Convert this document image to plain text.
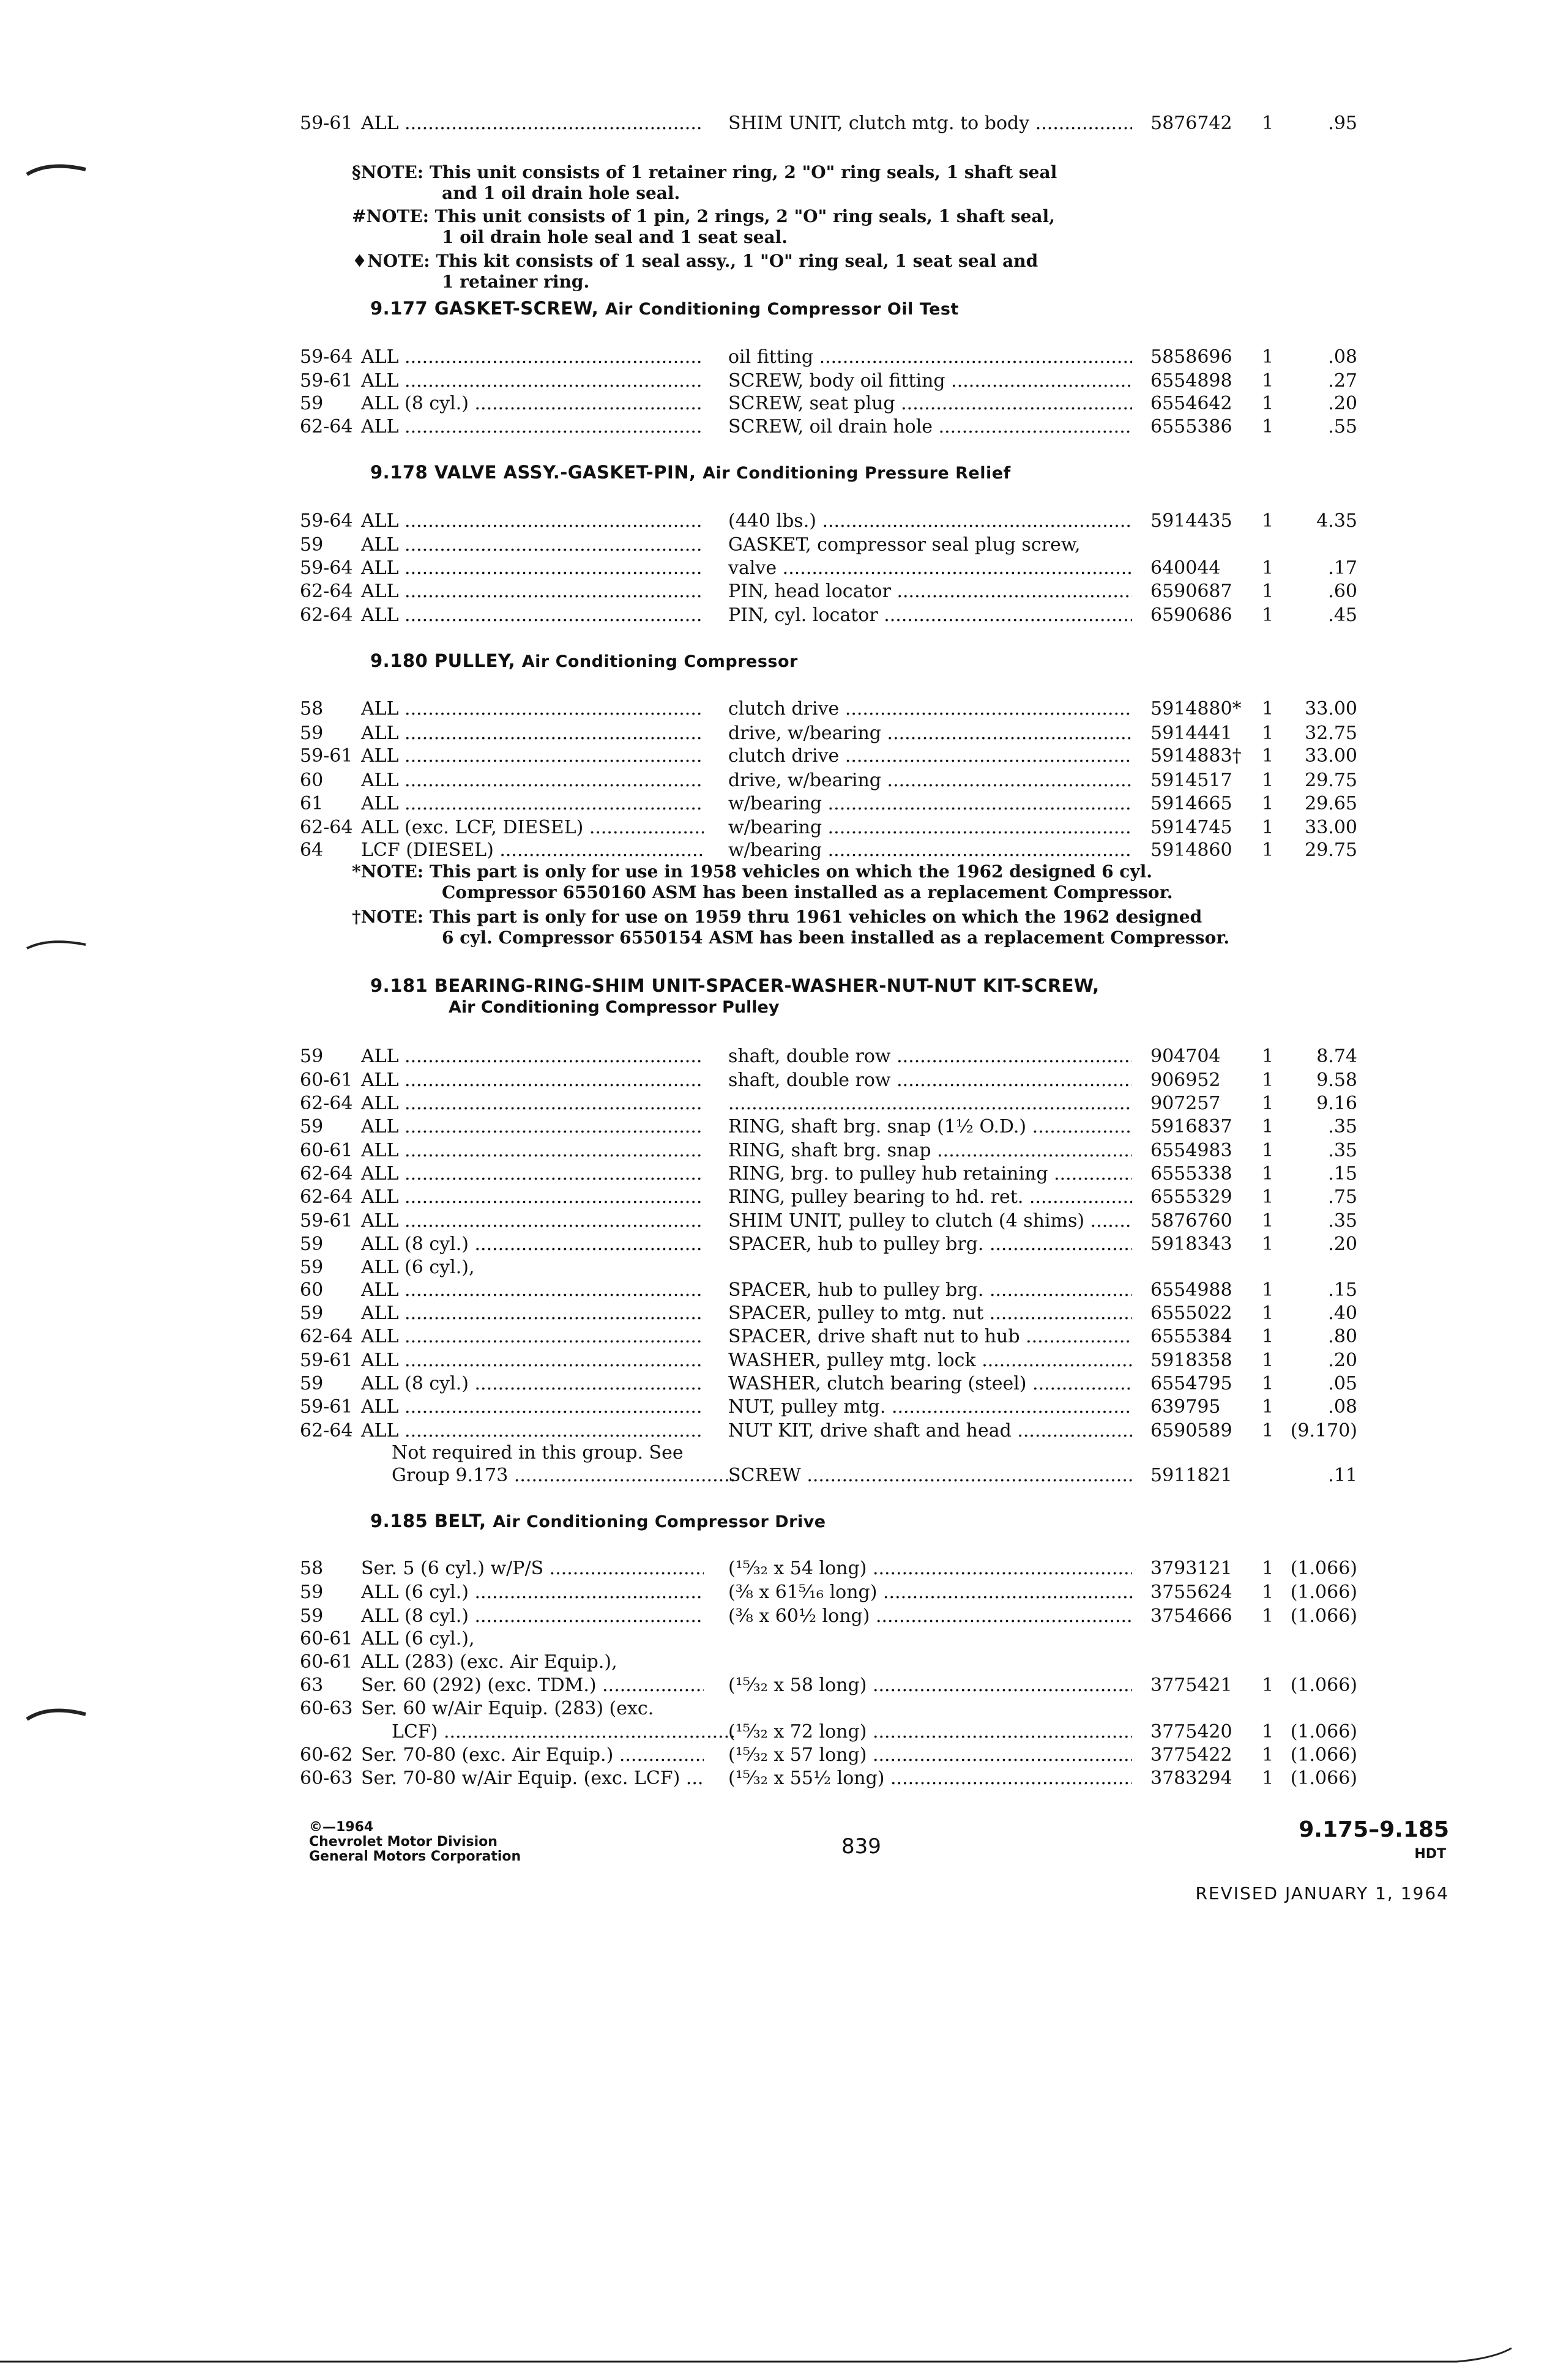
59-61 ALL .....	SHIM UNIT, clutch mtg. to body .....	5876742	1	.95
§NOTE: This unit consists of 1 retainer ring, 2 "O" ring seals, 1 shaft seal
and 1 oil drain hole seal.
#NOTE: This unit consists of 1 pin, 2 rings, 2 "O" ring seals, 1 shaft seal,
1 oil drain hole seal and 1 seat seal.
♦NOTE: This kit consists of 1 seal assy., 1 "O" ring seal, 1 seat seal and
1 retainer ring.
9.177 GASKET-SCREW, Air Conditioning Compressor Oil Test
59-64 ALL .....	oil fitting .....	5858696	1	.08
59-61 ALL .....	SCREW, body oil fitting .....	6554898	1	.27
59	ALL (8 cyl.) .....	SCREW, seat plug .....	6554642	1	.20
62-64 ALL .....	SCREW, oil drain hole .....	6555386	1	.55
9.178 VALVE ASSY.-GASKET-PIN, Air Conditioning Pressure Relief
59-64 ALL .....	(440 lbs.) .....	5914435	1	4.35
59	ALL .....	GASKET, compressor seal plug screw,
59-64 ALL .....	valve .....	640044	1	.17
62-64 ALL .....	PIN, head locator .....	6590687	1	.60
62-64 ALL .....	PIN, cyl. locator .....	6590686	1	.45
9.180 PULLEY, Air Conditioning Compressor
58	ALL .....	clutch drive .....	5914880*	1	33.00
59	ALL .....	drive, w/bearing .....	5914441	1	32.75
59-61 ALL .....	clutch drive .....	5914883†	1	33.00
60	ALL .....	drive, w/bearing .....	5914517	1	29.75
61	ALL .....	w/bearing .....	5914665	1	29.65
62-64 ALL (exc. LCF, DIESEL) .....	w/bearing .....	5914745	1	33.00
64	LCF (DIESEL) .....	w/bearing .....	5914860	1	29.75
*NOTE: This part is only for use in 1958 vehicles on which the 1962 designed 6 cyl.
Compressor 6550160 ASM has been installed as a replacement Compressor.
†NOTE: This part is only for use on 1959 thru 1961 vehicles on which the 1962 designed
6 cyl. Compressor 6550154 ASM has been installed as a replacement Compressor.
Air Conditioning Compressor Pulley
9.181 BEARING-RING-SHIM UNIT-SPACER-WASHER-NUT-NUT KIT-SCREW,
59	ALL .....	shaft, double row .....	904704	1	8.74
60-61 ALL .....	shaft, double row .....	906952	1	9.58
62-64 ALL .....
.....	907257	1	9.16
59	ALL .....	RING, shaft brg. snap (1½ O.D.) .....	5916837	1	.35
60-61 ALL .....	RING, shaft brg. snap .....	6554983	1	.35
62-64 ALL .....	RING, brg. to pulley hub retaining .....	6555338	1	.15
62-64 ALL .....	RING, pulley bearing to hd. ret. .....	6555329	1	.75
59-61 ALL .....	SHIM UNIT, pulley to clutch (4 shims) .....	5876760	1	.35
59	ALL (8 cyl.) .....	SPACER, hub to pulley brg. .....	5918343	1	.20
59	ALL (6 cyl.),
60	ALL .....	SPACER, hub to pulley brg. .....	6554988	1	.15
59	ALL .....	SPACER, pulley to mtg. nut .....	6555022	1	.40
62-64 ALL .....	SPACER, drive shaft nut to hub .....	6555384	1	.80
59-61 ALL .....	WASHER, pulley mtg. lock .....	5918358	1	.20
59	ALL (8 cyl.) .....	WASHER, clutch bearing (steel) .....	6554795	1	.05
59-61 ALL .....	NUT, pulley mtg. .....	639795	1	.08
62-64 ALL .....	NUT KIT, drive shaft and head .....	6590589	1 (9.170)
Not required in this group. See
Group 9.173 .....	SCREW .....	5911821	.11
9.185 BELT, Air Conditioning Compressor Drive
58	Ser. 5 (6 cyl.) w/P/S .....	(¹⁵⁄₃₂ x 54 long) .....	3793121	1 (1.066)
59	ALL (6 cyl.) .....	(⅜ x 61⁵⁄₁₆ long) .....	3755624	1 (1.066)
59	ALL (8 cyl.) .....	(⅜ x 60½ long) .....	3754666	1 (1.066)
60-61 ALL (6 cyl.),
60-61 ALL (283) (exc. Air Equip.),
63	Ser. 60 (292) (exc. TDM.) .....	(¹⁵⁄₃₂ x 58 long) .....	3775421	1 (1.066)
60-63 Ser. 60 w/Air Equip. (283) (exc.
LCF) .....	(¹⁵⁄₃₂ x 72 long) .....	3775420	1 (1.066)
60-62 Ser. 70-80 (exc. Air Equip.) .....	(¹⁵⁄₃₂ x 57 long) .....	3775422	1 (1.066)
60-63 Ser. 70-80 w/Air Equip. (exc. LCF) .....	(¹⁵⁄₃₂ x 55½ long) .....	3783294	1 (1.066)
©—1964
Chevrolet Motor Division
General Motors Corporation	839
9.175–9.185
HDT
REVISED JANUARY 1, 1964
